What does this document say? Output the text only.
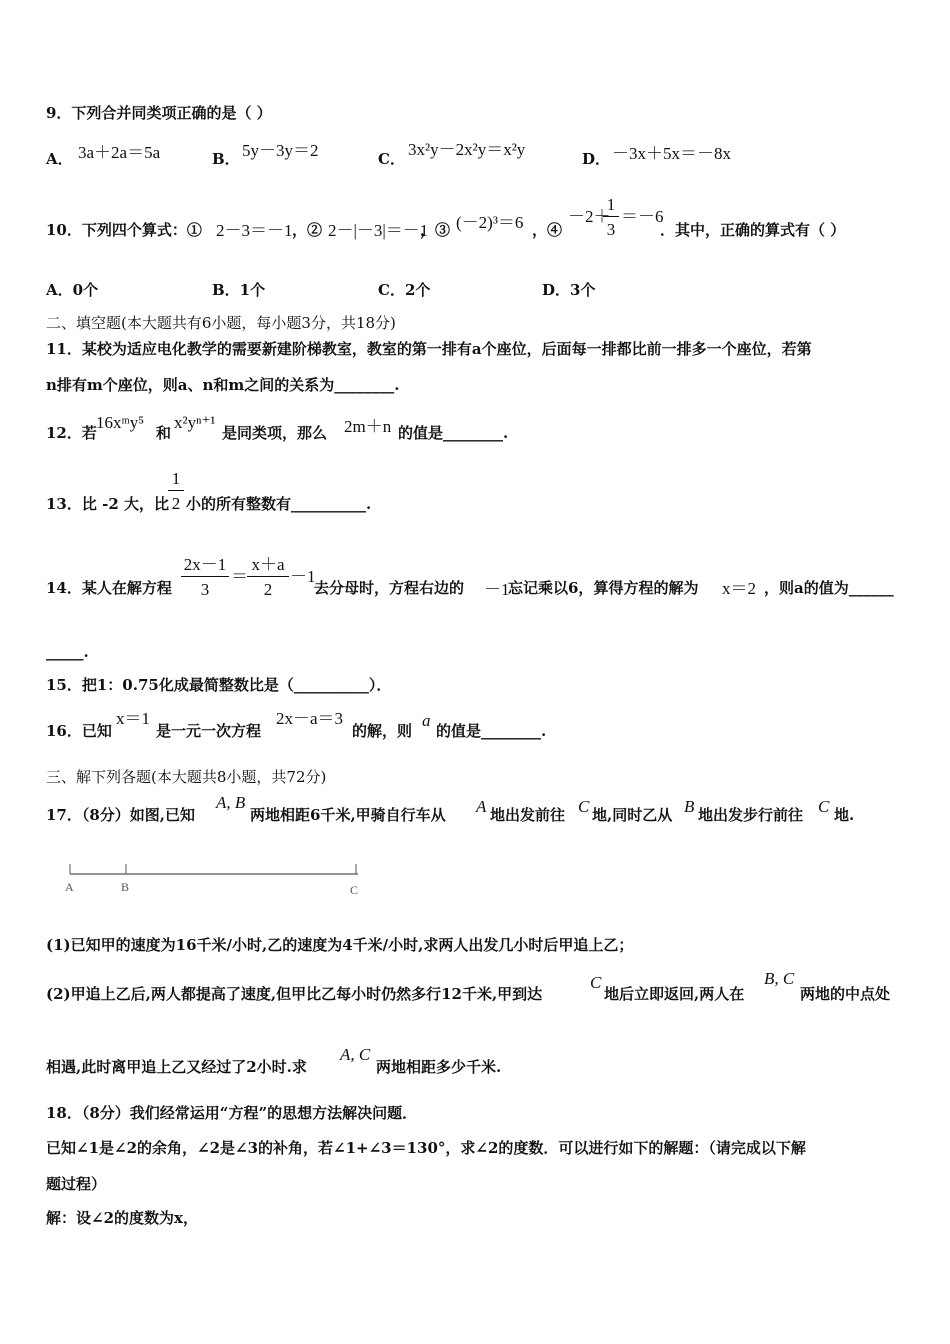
9．下列合并同类项正确的是（ ）
A． 3a＋2a＝5a	B． 5y－3y＝2	C． 3x²y－2x²y＝x²y	D． －3x＋5x＝－8x
10．下列四个算式：① 2－3＝－1 ，② 2－|－3|＝－1
，③ (－2)³＝6 ，④
－2＋
1
3
＝－6
．其中，正确的算式有（ ）
A．0个	B．1个	C．2个	D．3个
二、填空题(本大题共有6小题，每小题3分，共18分)
11．某校为适应电化教学的需要新建阶梯教室，教室的第一排有a个座位，后面每一排都比前一排多一个座位，若第
n排有m个座位，则a、n和m之间的关系为________.
12．若
16xᵐy⁵
和
x²yⁿ⁺¹
是同类项，那么 2m＋n 的值是________.
13．比 -2 大，比
1
2 小的所有整数有__________.
14．某人在解方程
2x－1
3
＝
x＋a
2
－1
去分母时，方程右边的 －1
忘记乘以6，算得方程的解为 x＝2 ，则a的值为______
_____.
15．把1：0.75化成最简整数比是（__________）．
16．已知
x＝1
是一元一次方程
2x－a＝3
的解，则
a
的值是________.
三、解下列各题(本大题共8小题，共72分)
17．（8分）如图,已知
A, B
两地相距6千米,甲骑自行车从 A 地出发前往 C 地,同时乙从 B 地出发步行前往 C 地.
A	B	C
(1)已知甲的速度为16千米/小时,乙的速度为4千米/小时,求两人出发几小时后甲追上乙；
(2)甲追上乙后,两人都提高了速度,但甲比乙每小时仍然多行12千米,甲到达
C
地后立即返回,两人在
B, C
两地的中点处
相遇,此时离甲追上乙又经过了2小时.求
A, C
两地相距多少千米.
18．（8分）我们经常运用“方程”的思想方法解决问题．
已知∠1是∠2的余角，∠2是∠3的补角，若∠1+∠3＝130°，求∠2的度数．可以进行如下的解题：（请完成以下解
题过程）
解：设∠2的度数为x，
